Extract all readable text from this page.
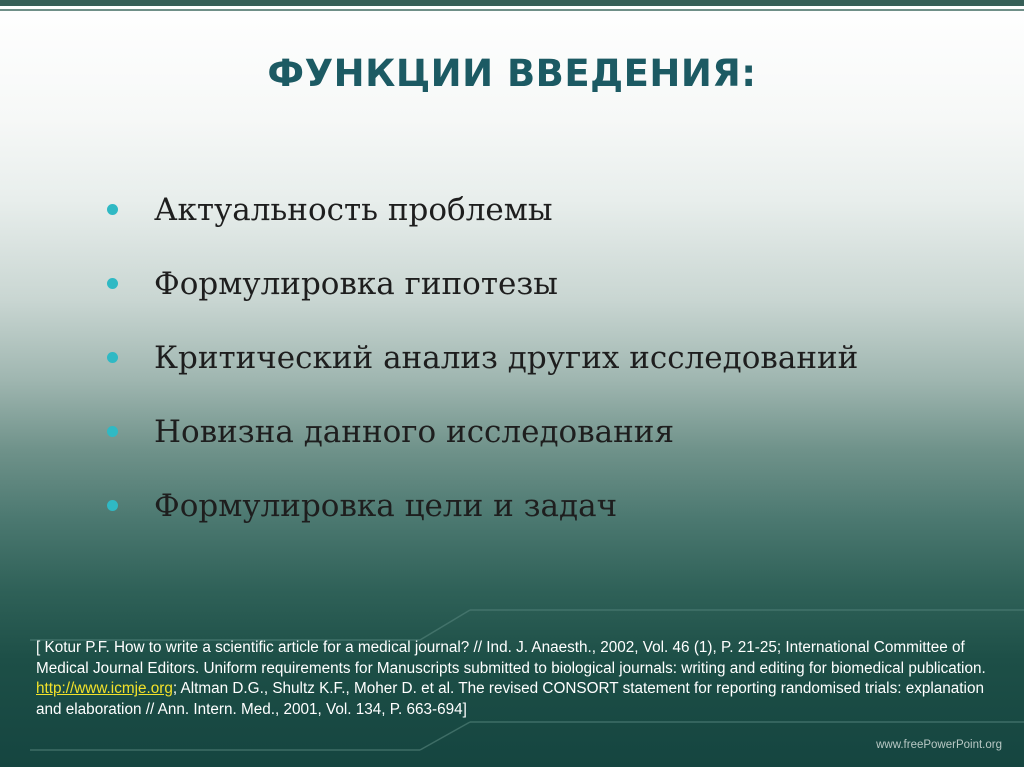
ФУНКЦИИ ВВЕДЕНИЯ:
Актуальность проблемы
Формулировка гипотезы
Критический анализ других исследований
Новизна данного исследования
Формулировка цели и задач
[ Kotur P.F. How to write a scientific article for a medical journal? // Ind. J. Anaesth., 2002, Vol. 46 (1), P. 21-25; International Committee of Medical Journal Editors. Uniform requirements for Manuscripts submitted to biological journals: writing and editing for biomedical publication. http://www.icmje.org; Altman D.G., Shultz K.F., Moher D. et al. The revised CONSORT statement for reporting randomised trials: explanation and elaboration // Ann. Intern. Med., 2001, Vol. 134, P. 663-694]
www.freePowerPoint.org
